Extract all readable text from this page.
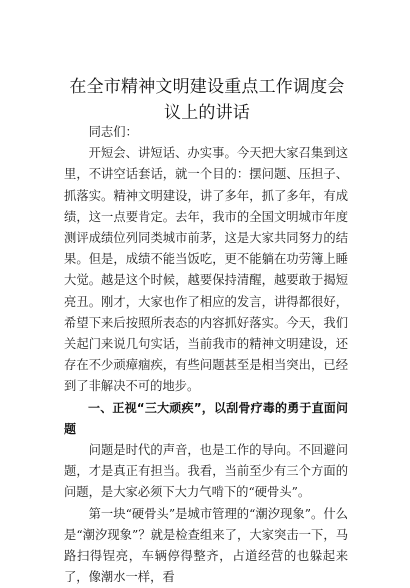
在全市精神文明建设重点工作调度会议上的讲话

同志们：

开短会、讲短话、办实事。今天把大家召集到这里，不讲空话套话，就一个目的：摆问题、压担子、抓落实。精神文明建设，讲了多年，抓了多年，有成绩，这一点要肯定。去年，我市的全国文明城市年度测评成绩位列同类城市前茅，这是大家共同努力的结果。但是，成绩不能当饭吃，更不能躺在功劳簿上睡大觉。越是这个时候，越要保持清醒，越要敢于揭短亮丑。刚才，大家也作了相应的发言，讲得都很好，希望下来后按照所表态的内容抓好落实。今天，我们关起门来说几句实话，当前我市的精神文明建设，还存在不少顽瘴痼疾，有些问题甚至是相当突出，已经到了非解决不可的地步。

一、正视“三大顽疾”，以刮骨疗毒的勇于直面问题

问题是时代的声音，也是工作的导向。不回避问题，才是真正有担当。我看，当前至少有三个方面的问题，是大家必须下大力气啃下的“硬骨头”。

第一块“硬骨头”是城市管理的“潮汐现象”。什么是“潮汐现象”？就是检查组来了，大家突击一下，马路扫得锃亮，车辆停得整齐，占道经营的也躲起来了，像潮水一样，看
